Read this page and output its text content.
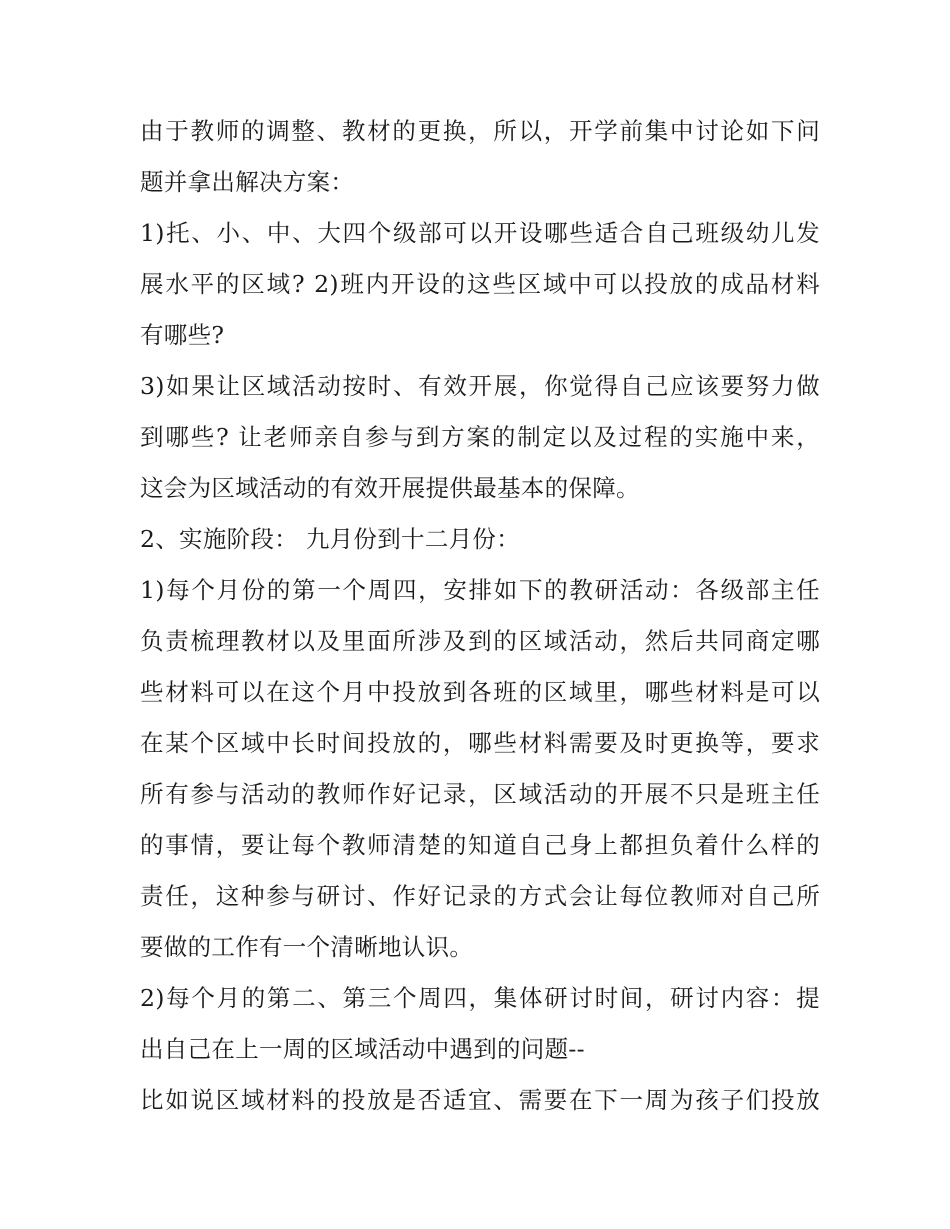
由于教师的调整、教材的更换，所以，开学前集中讨论如下问
题并拿出解决方案：
1)托、小、中、大四个级部可以开设哪些适合自己班级幼儿发
展水平的区域? 2)班内开设的这些区域中可以投放的成品材料
有哪些?
3)如果让区域活动按时、有效开展，你觉得自己应该要努力做
到哪些? 让老师亲自参与到方案的制定以及过程的实施中来，
这会为区域活动的有效开展提供最基本的保障。
2、实施阶段： 九月份到十二月份：
1)每个月份的第一个周四，安排如下的教研活动：各级部主任
负责梳理教材以及里面所涉及到的区域活动，然后共同商定哪
些材料可以在这个月中投放到各班的区域里，哪些材料是可以
在某个区域中长时间投放的，哪些材料需要及时更换等，要求
所有参与活动的教师作好记录，区域活动的开展不只是班主任
的事情，要让每个教师清楚的知道自己身上都担负着什么样的
责任，这种参与研讨、作好记录的方式会让每位教师对自己所
要做的工作有一个清晰地认识。
2)每个月的第二、第三个周四，集体研讨时间，研讨内容：提
出自己在上一周的区域活动中遇到的问题--
比如说区域材料的投放是否适宜、需要在下一周为孩子们投放
